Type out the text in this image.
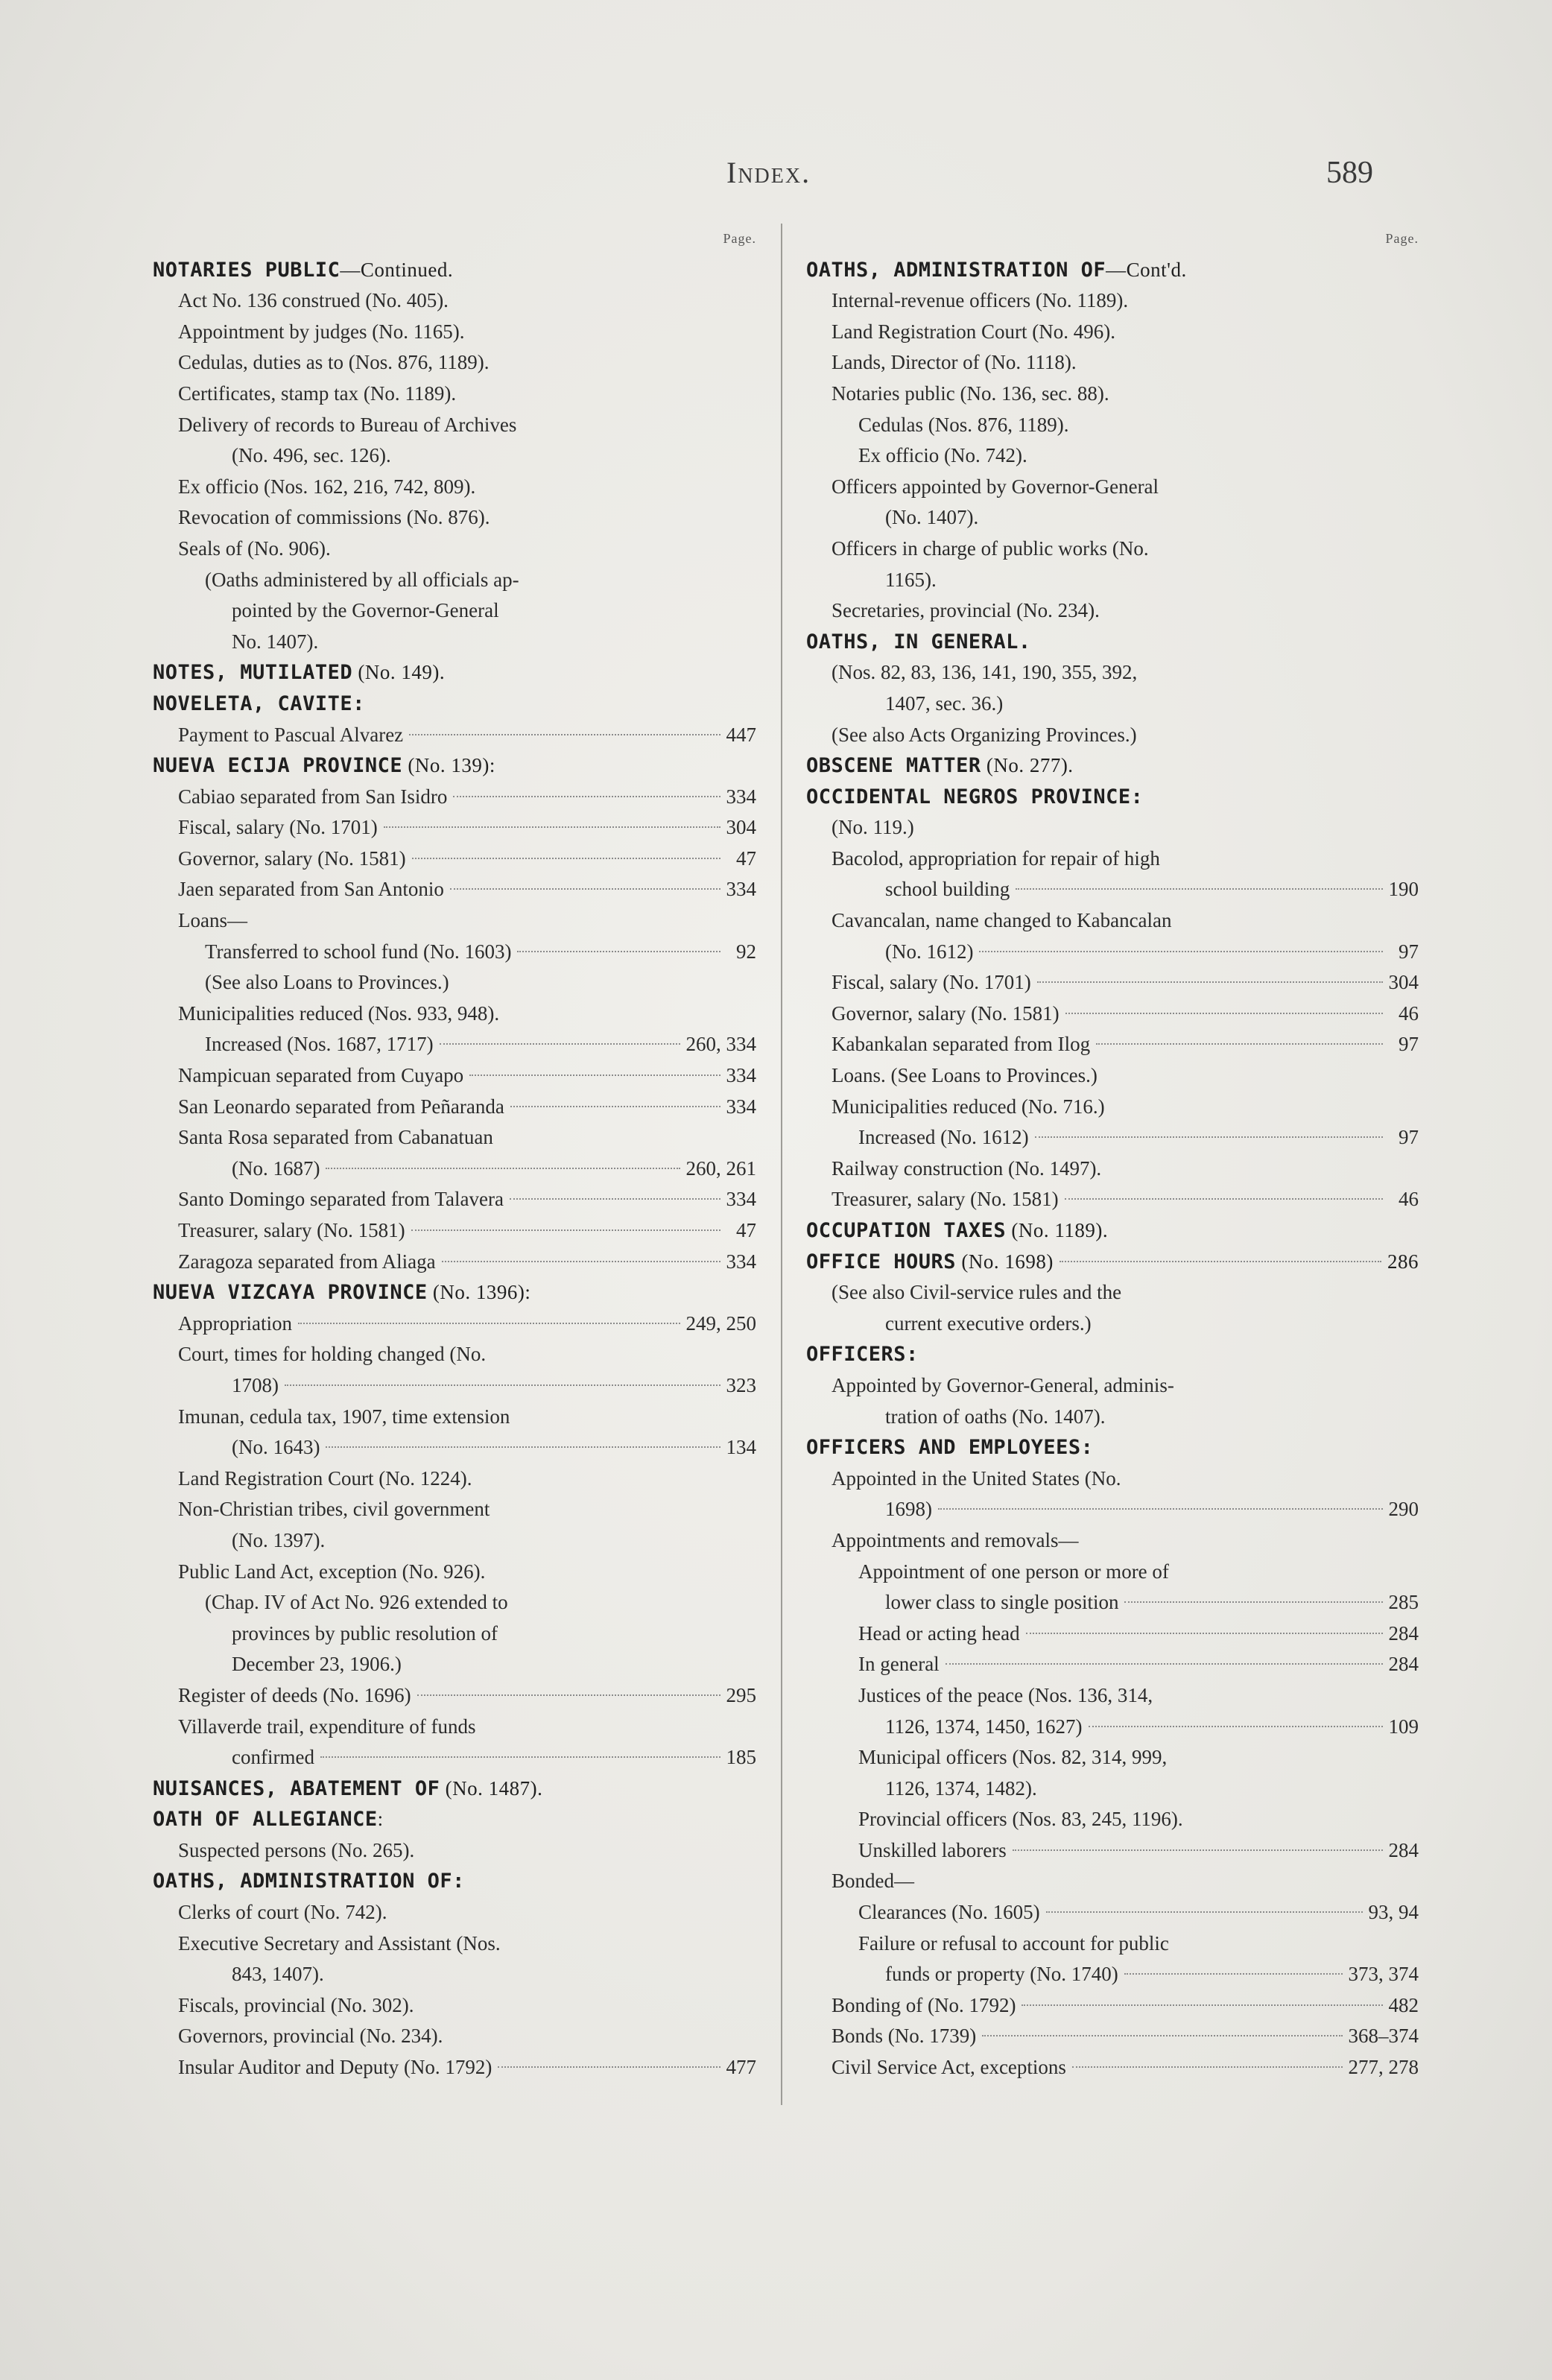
Index.	589
Page.
NOTARIES PUBLIC—Continued.
Act No. 136 construed (No. 405).
Appointment by judges (No. 1165).
Cedulas, duties as to (Nos. 876, 1189).
Certificates, stamp tax (No. 1189).
Delivery of records to Bureau of Archives
(No. 496, sec. 126).
Ex officio (Nos. 162, 216, 742, 809).
Revocation of commissions (No. 876).
Seals of (No. 906).
(Oaths administered by all officials ap-
pointed by the Governor-General
No. 1407).
NOTES, MUTILATED (No. 149).
NOVELETA, CAVITE:
Payment to Pascual Alvarez	447
NUEVA ECIJA PROVINCE (No. 139):
Cabiao separated from San Isidro	334
Fiscal, salary (No. 1701)	304
Governor, salary (No. 1581)	47
Jaen separated from San Antonio	334
Loans—
Transferred to school fund (No. 1603)	92
(See also Loans to Provinces.)
Municipalities reduced (Nos. 933, 948).
Increased (Nos. 1687, 1717)	260, 334
Nampicuan separated from Cuyapo	334
San Leonardo separated from Peñaranda	334
Santa Rosa separated from Cabanatuan
(No. 1687)	260, 261
Santo Domingo separated from Talavera	334
Treasurer, salary (No. 1581)	47
Zaragoza separated from Aliaga	334
NUEVA VIZCAYA PROVINCE (No. 1396):
Appropriation	249, 250
Court, times for holding changed (No.
1708)	323
Imunan, cedula tax, 1907, time extension
(No. 1643)	134
Land Registration Court (No. 1224).
Non-Christian tribes, civil government
(No. 1397).
Public Land Act, exception (No. 926).
(Chap. IV of Act No. 926 extended to
provinces by public resolution of
December 23, 1906.)
Register of deeds (No. 1696)	295
Villaverde trail, expenditure of funds
confirmed	185
NUISANCES, ABATEMENT OF (No. 1487).
OATH OF ALLEGIANCE:
Suspected persons (No. 265).
OATHS, ADMINISTRATION OF:
Clerks of court (No. 742).
Executive Secretary and Assistant (Nos.
843, 1407).
Fiscals, provincial (No. 302).
Governors, provincial (No. 234).
Insular Auditor and Deputy (No. 1792)	477
Page.
OATHS, ADMINISTRATION OF—Cont'd.
Internal-revenue officers (No. 1189).
Land Registration Court (No. 496).
Lands, Director of (No. 1118).
Notaries public (No. 136, sec. 88).
Cedulas (Nos. 876, 1189).
Ex officio (No. 742).
Officers appointed by Governor-General
(No. 1407).
Officers in charge of public works (No.
1165).
Secretaries, provincial (No. 234).
OATHS, IN GENERAL.
(Nos. 82, 83, 136, 141, 190, 355, 392,
1407, sec. 36.)
(See also Acts Organizing Provinces.)
OBSCENE MATTER (No. 277).
OCCIDENTAL NEGROS PROVINCE:
(No. 119.)
Bacolod, appropriation for repair of high
school building	190
Cavancalan, name changed to Kabancalan
(No. 1612)	97
Fiscal, salary (No. 1701)	304
Governor, salary (No. 1581)	46
Kabankalan separated from Ilog	97
Loans. (See Loans to Provinces.)
Municipalities reduced (No. 716.)
Increased (No. 1612)	97
Railway construction (No. 1497).
Treasurer, salary (No. 1581)	46
OCCUPATION TAXES (No. 1189).
OFFICE HOURS (No. 1698)	286
(See also Civil-service rules and the
current executive orders.)
OFFICERS:
Appointed by Governor-General, adminis-
tration of oaths (No. 1407).
OFFICERS AND EMPLOYEES:
Appointed in the United States (No.
1698)	290
Appointments and removals—
Appointment of one person or more of
lower class to single position	285
Head or acting head	284
In general	284
Justices of the peace (Nos. 136, 314,
1126, 1374, 1450, 1627)	109
Municipal officers (Nos. 82, 314, 999,
1126, 1374, 1482).
Provincial officers (Nos. 83, 245, 1196).
Unskilled laborers	284
Bonded—
Clearances (No. 1605)	93, 94
Failure or refusal to account for public
funds or property (No. 1740)	373, 374
Bonding of (No. 1792)	482
Bonds (No. 1739)	368–374
Civil Service Act, exceptions	277, 278
